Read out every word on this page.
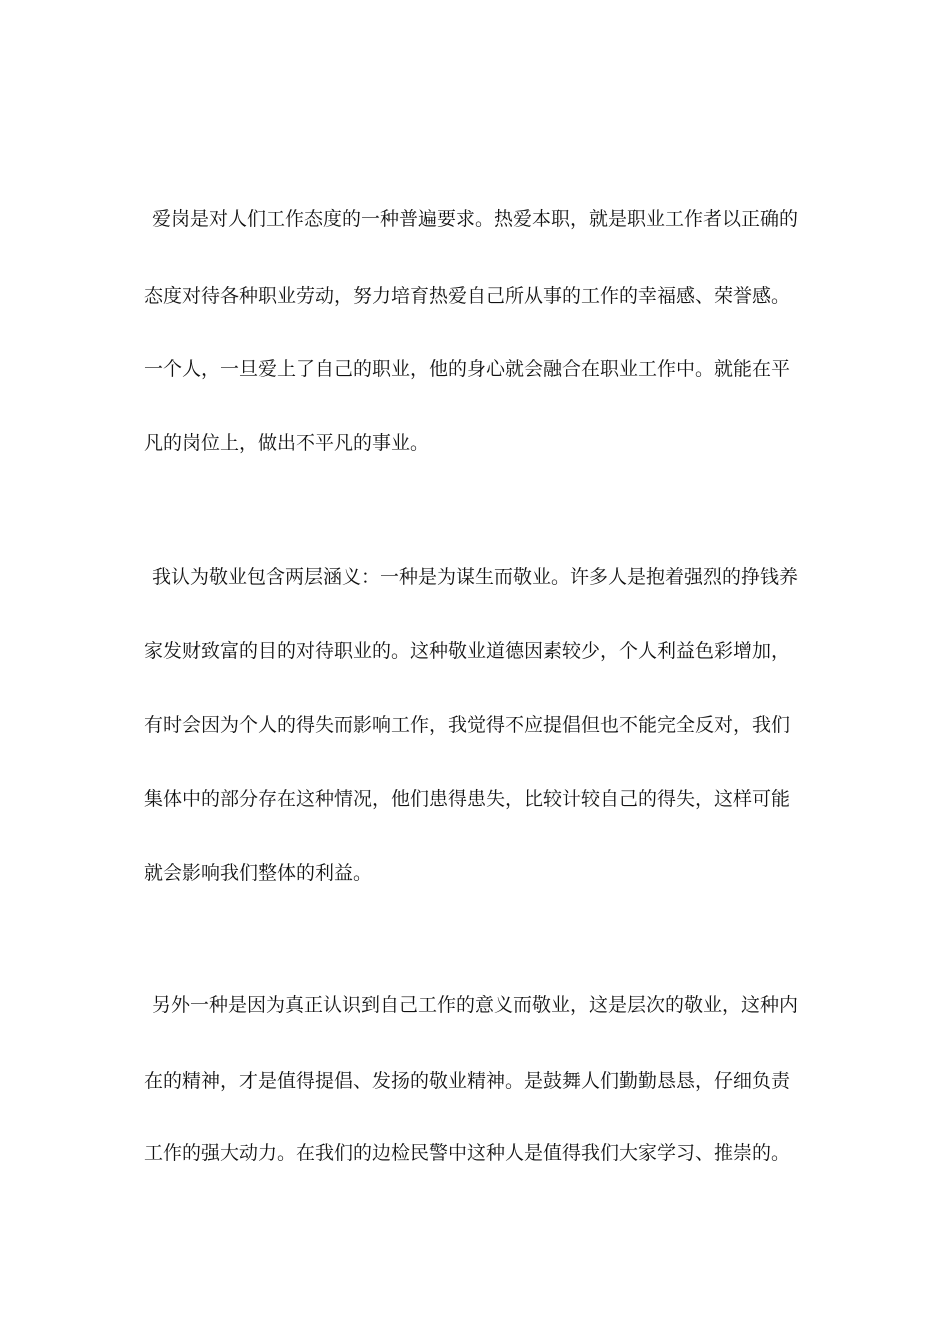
爱岗是对人们工作态度的一种普遍要求。热爱本职，就是职业工作者以正确的
态度对待各种职业劳动，努力培育热爱自己所从事的工作的幸福感、荣誉感。
一个人，一旦爱上了自己的职业，他的身心就会融合在职业工作中。就能在平
凡的岗位上，做出不平凡的事业。
我认为敬业包含两层涵义：一种是为谋生而敬业。许多人是抱着强烈的挣钱养
家发财致富的目的对待职业的。这种敬业道德因素较少，个人利益色彩增加，
有时会因为个人的得失而影响工作，我觉得不应提倡但也不能完全反对，我们
集体中的部分存在这种情况，他们患得患失，比较计较自己的得失，这样可能
就会影响我们整体的利益。
另外一种是因为真正认识到自己工作的意义而敬业，这是层次的敬业，这种内
在的精神，才是值得提倡、发扬的敬业精神。是鼓舞人们勤勤恳恳，仔细负责
工作的强大动力。在我们的边检民警中这种人是值得我们大家学习、推崇的。
